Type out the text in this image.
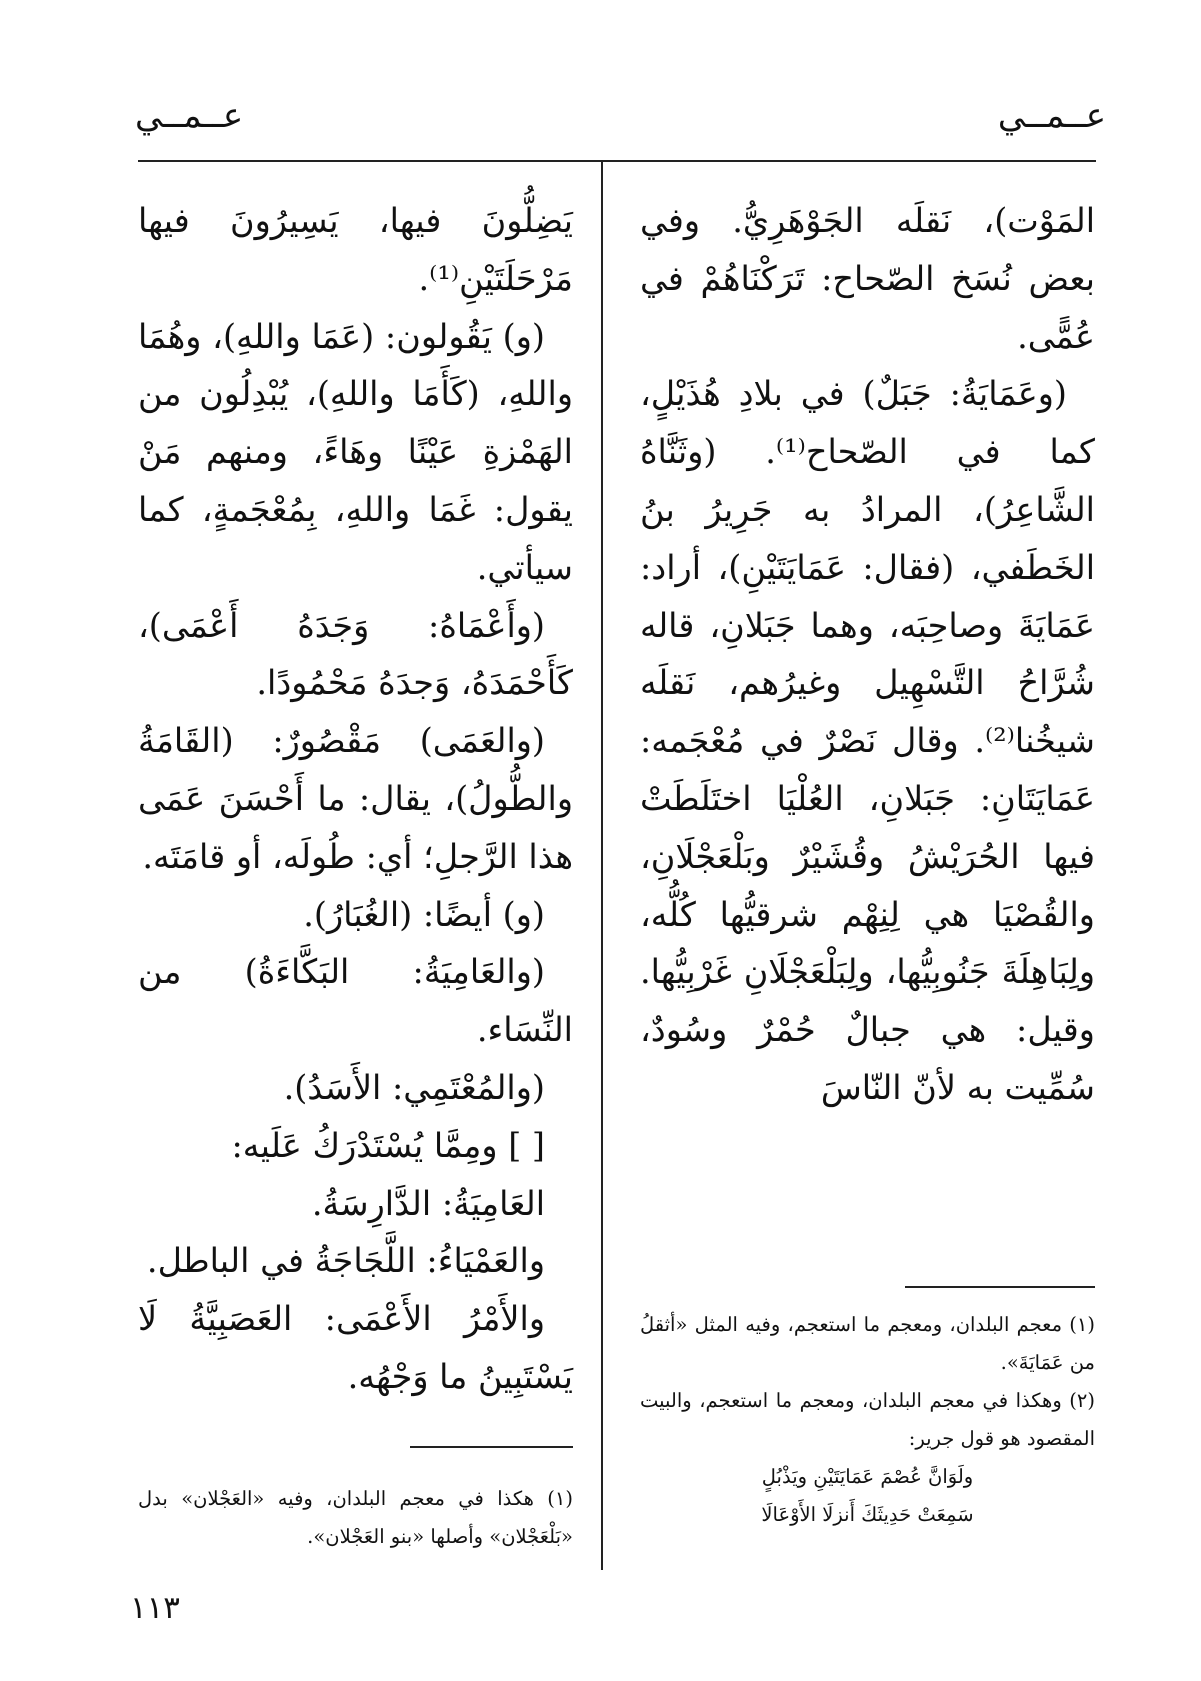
عــمــي
عــمــي

المَوْت)، نَقلَه الجَوْهَرِيُّ. وفي بعض نُسَخ الصّحاح: تَرَكْنَاهُمْ في عُمًّى.

(وعَمَايَةُ: جَبَلٌ) في بلادِ هُذَيْلٍ، كما في الصّحاح⁽¹⁾. (وثَنَّاهُ الشَّاعِرُ)، المرادُ به جَرِيرُ بنُ الخَطَفي، (فقال: عَمَايَتَيْنِ)، أراد: عَمَايَةَ وصاحِبَه، وهما جَبَلانِ، قاله شُرَّاحُ التَّسْهِيل وغيرُهم، نَقلَه شيخُنا⁽²⁾. وقال نَصْرٌ في مُعْجَمه: عَمَايَتَانِ: جَبَلانِ، العُلْيَا اختَلَطَتْ فيها الحُرَيْشُ وقُشَيْرٌ وبَلْعَجْلَانِ، والقُصْيَا هي لِنِهْم شرقيُّها كُلُّه، ولِبَاهِلَةَ جَنُوبِيُّها، ولِبَلْعَجْلَانِ غَرْبِيُّها. وقيل: هي جبالٌ حُمْرٌ وسُودٌ، سُمِّيت به لأنّ النّاسَ

يَضِلُّونَ فيها، يَسِيرُونَ فيها مَرْحَلَتَيْنِ⁽¹⁾.

(و) يَقُولون: (عَمَا واللهِ)، وهُمَا واللهِ، (كَأَمَا واللهِ)، يُبْدِلُون من الهَمْزةِ عَيْنًا وهَاءً، ومنهم مَنْ يقول: غَمَا واللهِ، بِمُعْجَمةٍ، كما سيأتي.

(وأَعْمَاهُ: وَجَدَهُ أَعْمَى)، كَأَحْمَدَهُ، وَجدَهُ مَحْمُودًا.

(والعَمَى) مَقْصُورٌ: (القَامَةُ والطُّولُ)، يقال: ما أَحْسَنَ عَمَى هذا الرَّجلِ؛ أي: طُولَه، أو قامَتَه.

(و) أيضًا: (الغُبَارُ).

(والعَامِيَةُ: البَكَّاءَةُ) من النِّسَاء.

(والمُعْتَمِي: الأَسَدُ).

[ ] ومِمَّا يُسْتَدْرَكُ عَلَيه:

العَامِيَةُ: الدَّارِسَةُ.

والعَمْيَاءُ: اللَّجَاجَةُ في الباطل.

والأَمْرُ الأَعْمَى: العَصَبِيَّةُ لَا يَسْتَبِينُ ما وَجْهُه.

(١) معجم البلدان، ومعجم ما استعجم، وفيه المثل «أثقلُ من عَمَايَةَ».

(٢) وهكذا في معجم البلدان، ومعجم ما استعجم، والبيت المقصود هو قول جرير:

ولَوَانَّ عُصْمَ عَمَايَتَيْنِ ويَذْبُلٍ

سَمِعَتْ حَدِيثَكَ أَنزلَا الأَوْعَالَا

(١) هكذا في معجم البلدان، وفيه «العَجْلان» بدل «بَلْعَجْلان» وأصلها «بنو العَجْلان».

١١٣
